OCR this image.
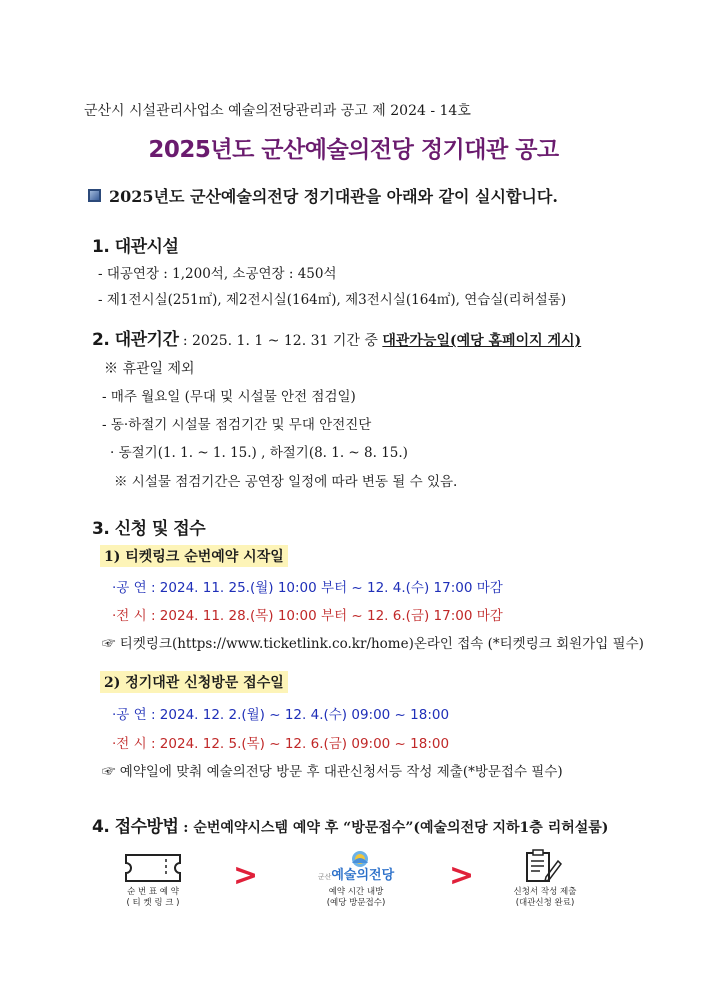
군산시 시설관리사업소 예술의전당관리과 공고 제 2024 - 14호
2025년도 군산예술의전당 정기대관 공고
2025년도 군산예술의전당 정기대관을 아래와 같이 실시합니다.
1. 대관시설
- 대공연장 : 1,200석, 소공연장 : 450석
- 제1전시실(251㎡), 제2전시실(164㎡), 제3전시실(164㎡), 연습실(리허설룸)
2. 대관기간 : 2025. 1. 1 ~ 12. 31 기간 중 대관가능일(예당 홈페이지 게시)
※ 휴관일 제외
- 매주 월요일 (무대 및 시설물 안전 점검일)
- 동·하절기 시설물 점검기간 및 무대 안전진단
· 동절기(1. 1. ~ 1. 15.) , 하절기(8. 1. ~ 8. 15.)
※ 시설물 점검기간은 공연장 일정에 따라 변동 될 수 있음.
3. 신청 및 접수
1) 티켓링크 순번예약 시작일
·공 연 : 2024. 11. 25.(월) 10:00 부터 ~ 12. 4.(수) 17:00 마감
·전 시 : 2024. 11. 28.(목) 10:00 부터 ~ 12. 6.(금) 17:00 마감
☞ 티켓링크(https://www.ticketlink.co.kr/home)온라인 접속 (*티켓링크 회원가입 필수)
2) 정기대관 신청방문 접수일
·공 연 : 2024. 12. 2.(월) ~ 12. 4.(수) 09:00 ~ 18:00
·전 시 : 2024. 12. 5.(목) ~ 12. 6.(금) 09:00 ~ 18:00
☞ 예약일에 맞춰 예술의전당 방문 후 대관신청서등 작성 제출(*방문접수 필수)
4. 접수방법 : 순번예약시스템 예약 후 “방문접수”(예술의전당 지하1층 리허설룸)
순 번 표 예 약
( 티 켓 링 크 )
>	군산예술의전당
예약 시간 내방
(예당 방문접수)
>	신청서 작성 제출
(대관신청 완료)
